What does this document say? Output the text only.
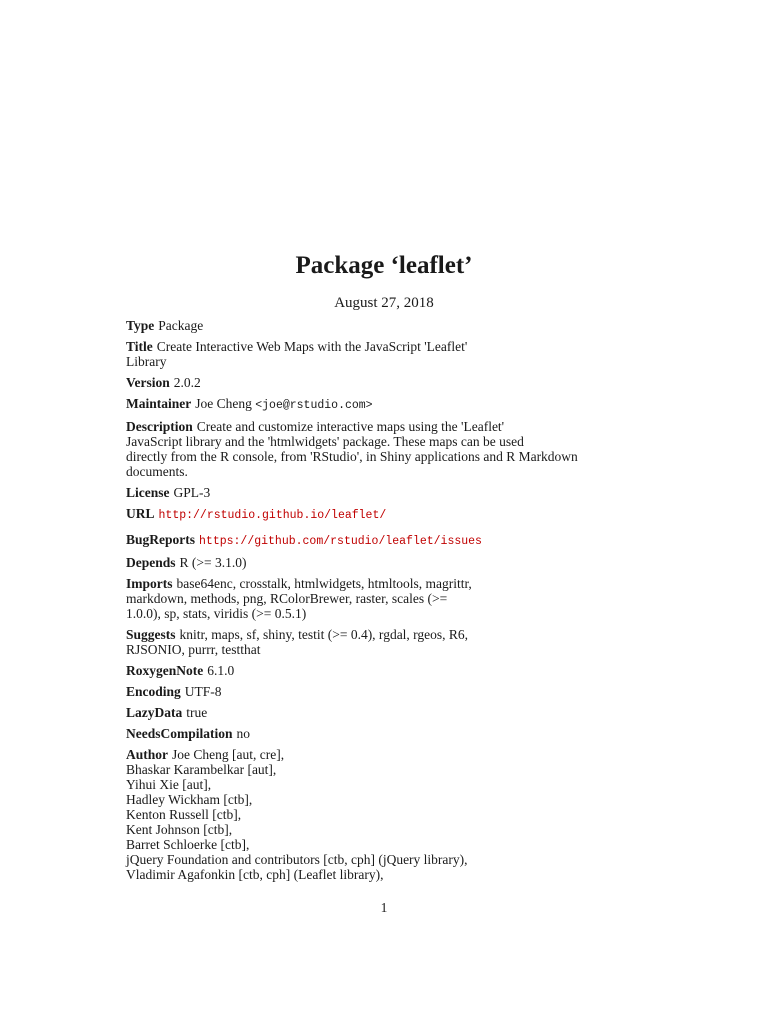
Package ‘leaflet’
August 27, 2018
Type Package
Title Create Interactive Web Maps with the JavaScript 'Leaflet'
Library
Version 2.0.2
Maintainer Joe Cheng <joe@rstudio.com>
Description Create and customize interactive maps using the 'Leaflet'
JavaScript library and the 'htmlwidgets' package. These maps can be used
directly from the R console, from 'RStudio', in Shiny applications and R Markdown
documents.
License GPL-3
URL http://rstudio.github.io/leaflet/
BugReports https://github.com/rstudio/leaflet/issues
Depends R (>= 3.1.0)
Imports base64enc, crosstalk, htmlwidgets, htmltools, magrittr,
markdown, methods, png, RColorBrewer, raster, scales (>=
1.0.0), sp, stats, viridis (>= 0.5.1)
Suggests knitr, maps, sf, shiny, testit (>= 0.4), rgdal, rgeos, R6,
RJSONIO, purrr, testthat
RoxygenNote 6.1.0
Encoding UTF-8
LazyData true
NeedsCompilation no
Author Joe Cheng [aut, cre],
Bhaskar Karambelkar [aut],
Yihui Xie [aut],
Hadley Wickham [ctb],
Kenton Russell [ctb],
Kent Johnson [ctb],
Barret Schloerke [ctb],
jQuery Foundation and contributors [ctb, cph] (jQuery library),
Vladimir Agafonkin [ctb, cph] (Leaflet library),
1
